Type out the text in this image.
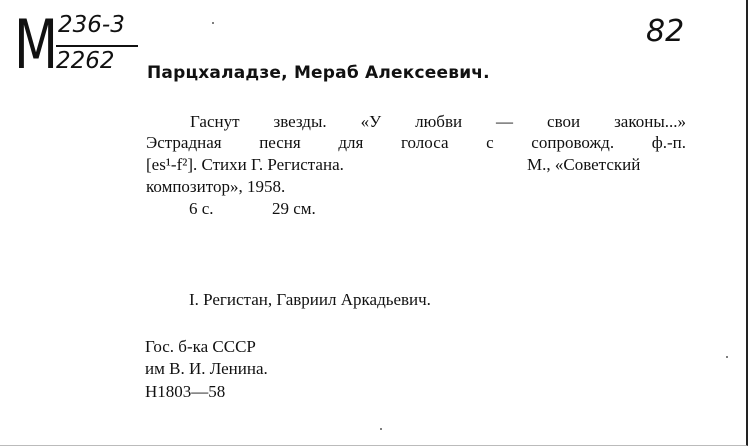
М 236-3
2262
82
Парцхаладзе, Мераб Алексеевич.
Гаснут звезды. «У любви — свои законы...»
Эстрадная песня для голоса с сопровожд. ф.-п.
[es¹-f²]. Стихи Г. Регистана.	М., «Советский
композитор», 1958.
6 с.	29 см.
I. Регистан, Гавриил Аркадьевич.
Гос. б-ка СССР
им В. И. Ленина.
Н1803—58
